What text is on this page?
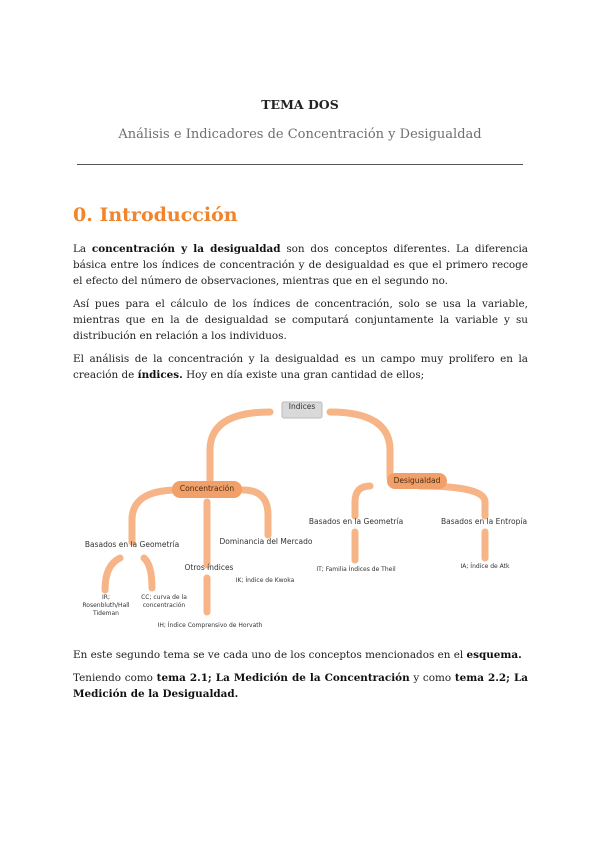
TEMA DOS
Análisis e Indicadores de Concentración y Desigualdad
0. Introducción
La concentración y la desigualdad son dos conceptos diferentes. La diferencia básica entre los índices de concentración y de desigualdad es que el primero recoge el efecto del número de observaciones, mientras que en el segundo no.
Así pues para el cálculo de los índices de concentración, solo se usa la variable, mientras que en la de desigualdad se computará conjuntamente la variable y su distribución en relación a los individuos.
El análisis de la concentración y la desigualdad es un campo muy prolifero en la creación de índices. Hoy en día existe una gran cantidad de ellos;
Indices
Concentración
Desigualdad
Basados en la Geometría
Otros índices
Dominancia del Mercado
IR; Rosenbluth/Hall Tideman
CC; curva de la concentración
IK; Índice de Kwoka
IH; Índice Comprensivo de Horvath
Basados en la Geometría	Basados en la Entropía
IT; Familia Índices de Theil	IA; Índice de Atk
En este segundo tema se ve cada uno de los conceptos mencionados en el esquema.
Teniendo como tema 2.1; La Medición de la Concentración y como tema 2.2; La Medición de la Desigualdad.
